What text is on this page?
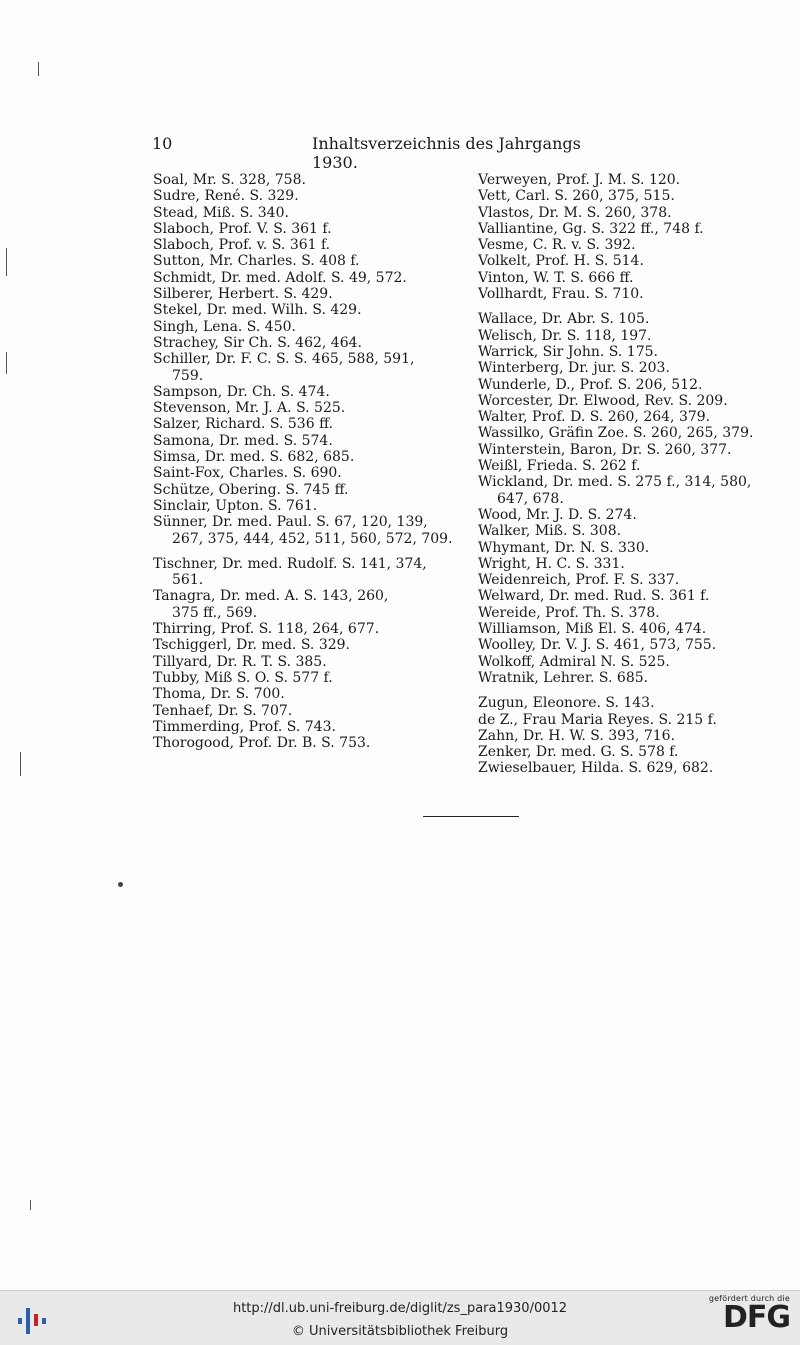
10	Inhaltsverzeichnis des Jahrgangs 1930.
Soal, Mr. S. 328, 758.
Sudre, René. S. 329.
Stead, Miß. S. 340.
Slaboch, Prof. V. S. 361 f.
Slaboch, Prof. v. S. 361 f.
Sutton, Mr. Charles. S. 408 f.
Schmidt, Dr. med. Adolf. S. 49, 572.
Silberer, Herbert. S. 429.
Stekel, Dr. med. Wilh. S. 429.
Singh, Lena. S. 450.
Strachey, Sir Ch. S. 462, 464.
Schiller, Dr. F. C. S. S. 465, 588, 591,
759.
Sampson, Dr. Ch. S. 474.
Stevenson, Mr. J. A. S. 525.
Salzer, Richard. S. 536 ff.
Samona, Dr. med. S. 574.
Simsa, Dr. med. S. 682, 685.
Saint-Fox, Charles. S. 690.
Schütze, Obering. S. 745 ff.
Sinclair, Upton. S. 761.
Sünner, Dr. med. Paul. S. 67, 120, 139,
267, 375, 444, 452, 511, 560, 572, 709.
Tischner, Dr. med. Rudolf. S. 141, 374,
561.
Tanagra, Dr. med. A. S. 143, 260,
375 ff., 569.
Thirring, Prof. S. 118, 264, 677.
Tschiggerl, Dr. med. S. 329.
Tillyard, Dr. R. T. S. 385.
Tubby, Miß S. O. S. 577 f.
Thoma, Dr. S. 700.
Tenhaef, Dr. S. 707.
Timmerding, Prof. S. 743.
Thorogood, Prof. Dr. B. S. 753.
Verweyen, Prof. J. M. S. 120.
Vett, Carl. S. 260, 375, 515.
Vlastos, Dr. M. S. 260, 378.
Valliantine, Gg. S. 322 ff., 748 f.
Vesme, C. R. v. S. 392.
Volkelt, Prof. H. S. 514.
Vinton, W. T. S. 666 ff.
Vollhardt, Frau. S. 710.
Wallace, Dr. Abr. S. 105.
Welisch, Dr. S. 118, 197.
Warrick, Sir John. S. 175.
Winterberg, Dr. jur. S. 203.
Wunderle, D., Prof. S. 206, 512.
Worcester, Dr. Elwood, Rev. S. 209.
Walter, Prof. D. S. 260, 264, 379.
Wassilko, Gräfin Zoe. S. 260, 265, 379.
Winterstein, Baron, Dr. S. 260, 377.
Weißl, Frieda. S. 262 f.
Wickland, Dr. med. S. 275 f., 314, 580,
647, 678.
Wood, Mr. J. D. S. 274.
Walker, Miß. S. 308.
Whymant, Dr. N. S. 330.
Wright, H. C. S. 331.
Weidenreich, Prof. F. S. 337.
Welward, Dr. med. Rud. S. 361 f.
Wereide, Prof. Th. S. 378.
Williamson, Miß El. S. 406, 474.
Woolley, Dr. V. J. S. 461, 573, 755.
Wolkoff, Admiral N. S. 525.
Wratnik, Lehrer. S. 685.
Zugun, Eleonore. S. 143.
de Z., Frau Maria Reyes. S. 215 f.
Zahn, Dr. H. W. S. 393, 716.
Zenker, Dr. med. G. S. 578 f.
Zwieselbauer, Hilda. S. 629, 682.
http://dl.ub.uni-freiburg.de/diglit/zs_para1930/0012
© Universitätsbibliothek Freiburg
gefördert durch die
DFG
